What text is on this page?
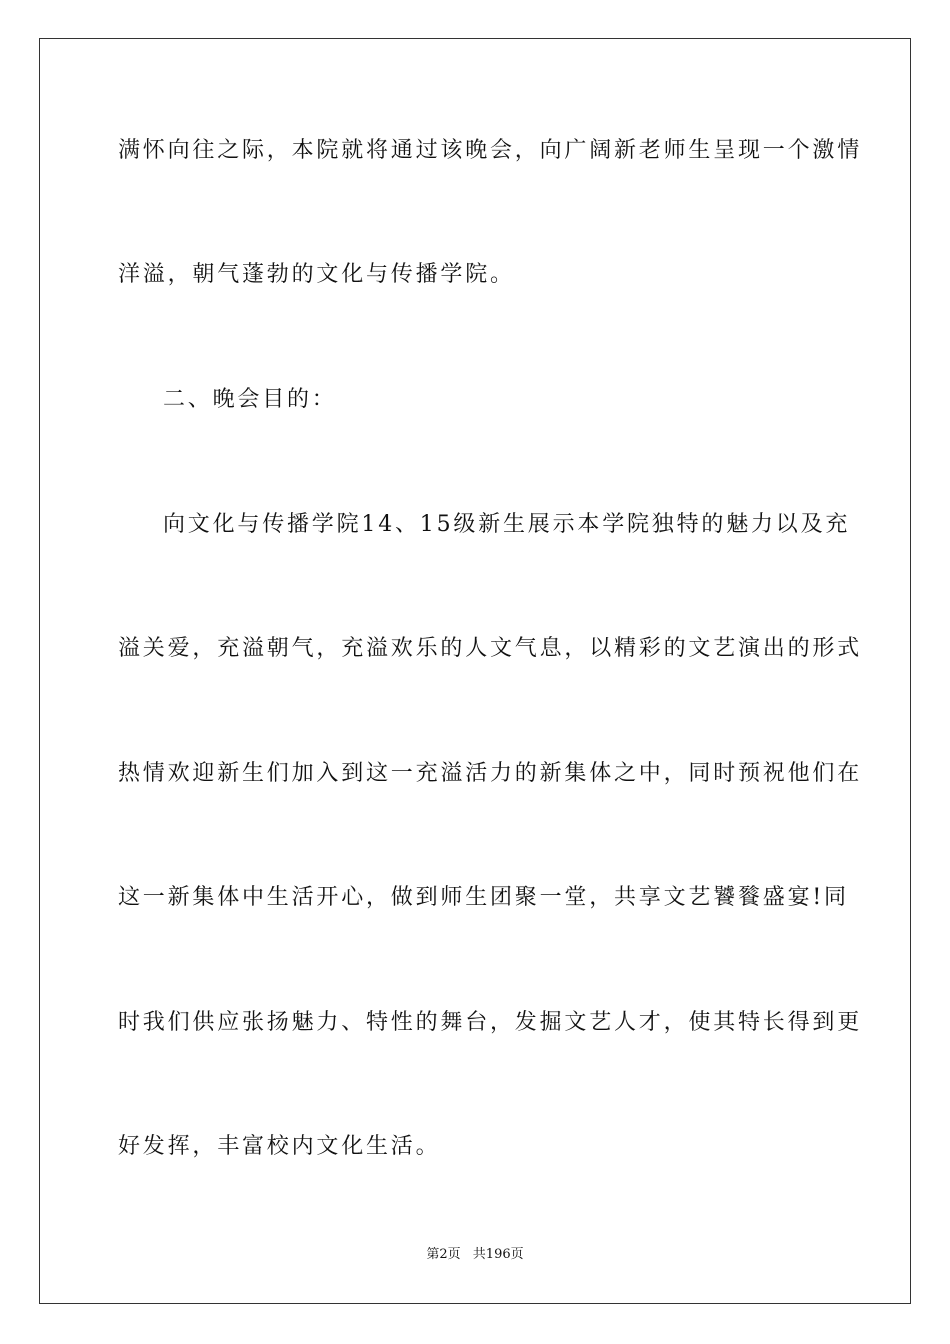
满怀向往之际，本院就将通过该晚会，向广阔新老师生呈现一个激情
洋溢，朝气蓬勃的文化与传播学院。
二、晚会目的：
向文化与传播学院14、15级新生展示本学院独特的魅力以及充
溢关爱，充溢朝气，充溢欢乐的人文气息，以精彩的文艺演出的形式
热情欢迎新生们加入到这一充溢活力的新集体之中，同时预祝他们在
这一新集体中生活开心，做到师生团聚一堂，共享文艺饕餮盛宴!同
时我们供应张扬魅力、特性的舞台，发掘文艺人才，使其特长得到更
好发挥，丰富校内文化生活。
第2页 共196页
